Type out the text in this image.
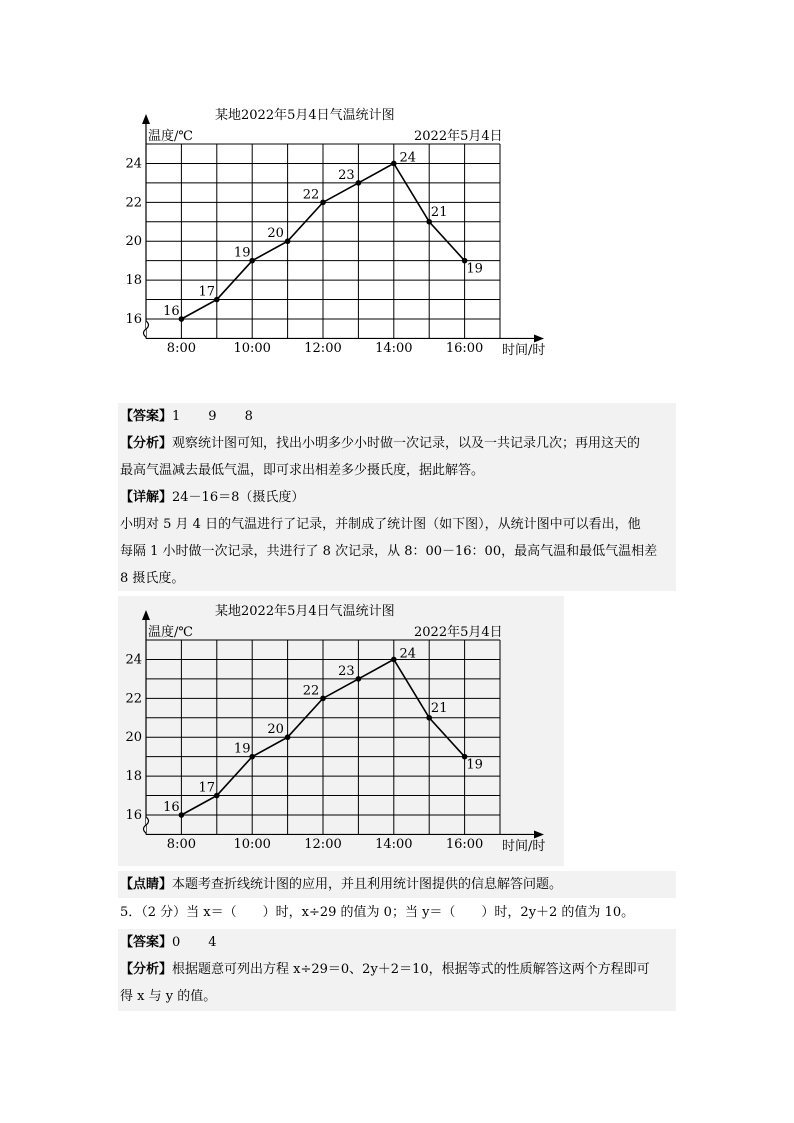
某地2022年5月4日气温统计图
2022年5月4日
温度/℃
时间/时
16
18
20
22
24
8:00	10:00	12:00	14:00	16:00
16
17
19
20
22
23
24
21
19
【答案】1 9 8
【分析】观察统计图可知，找出小明多少小时做一次记录，以及一共记录几次；再用这天的
最高气温减去最低气温，即可求出相差多少摄氏度，据此解答。
【详解】24－16＝8（摄氏度）
小明对 5 月 4 日的气温进行了记录，并制成了统计图（如下图），从统计图中可以看出，他
每隔 1 小时做一次记录，共进行了 8 次记录，从 8：00－16：00，最高气温和最低气温相差
8 摄氏度。
某地2022年5月4日气温统计图
2022年5月4日
温度/℃
时间/时
16
18
20
22
24
8:00	10:00	12:00	14:00	16:00
16
17
19
20
22
23
24
21
19
【点睛】本题考查折线统计图的应用，并且利用统计图提供的信息解答问题。
5．（2 分）当 x＝（　　）时，x÷29 的值为 0；当 y＝（　　）时，2y＋2 的值为 10。
【答案】0 4
【分析】根据题意可列出方程 x÷29＝0、2y＋2＝10，根据等式的性质解答这两个方程即可
得 x 与 y 的值。
